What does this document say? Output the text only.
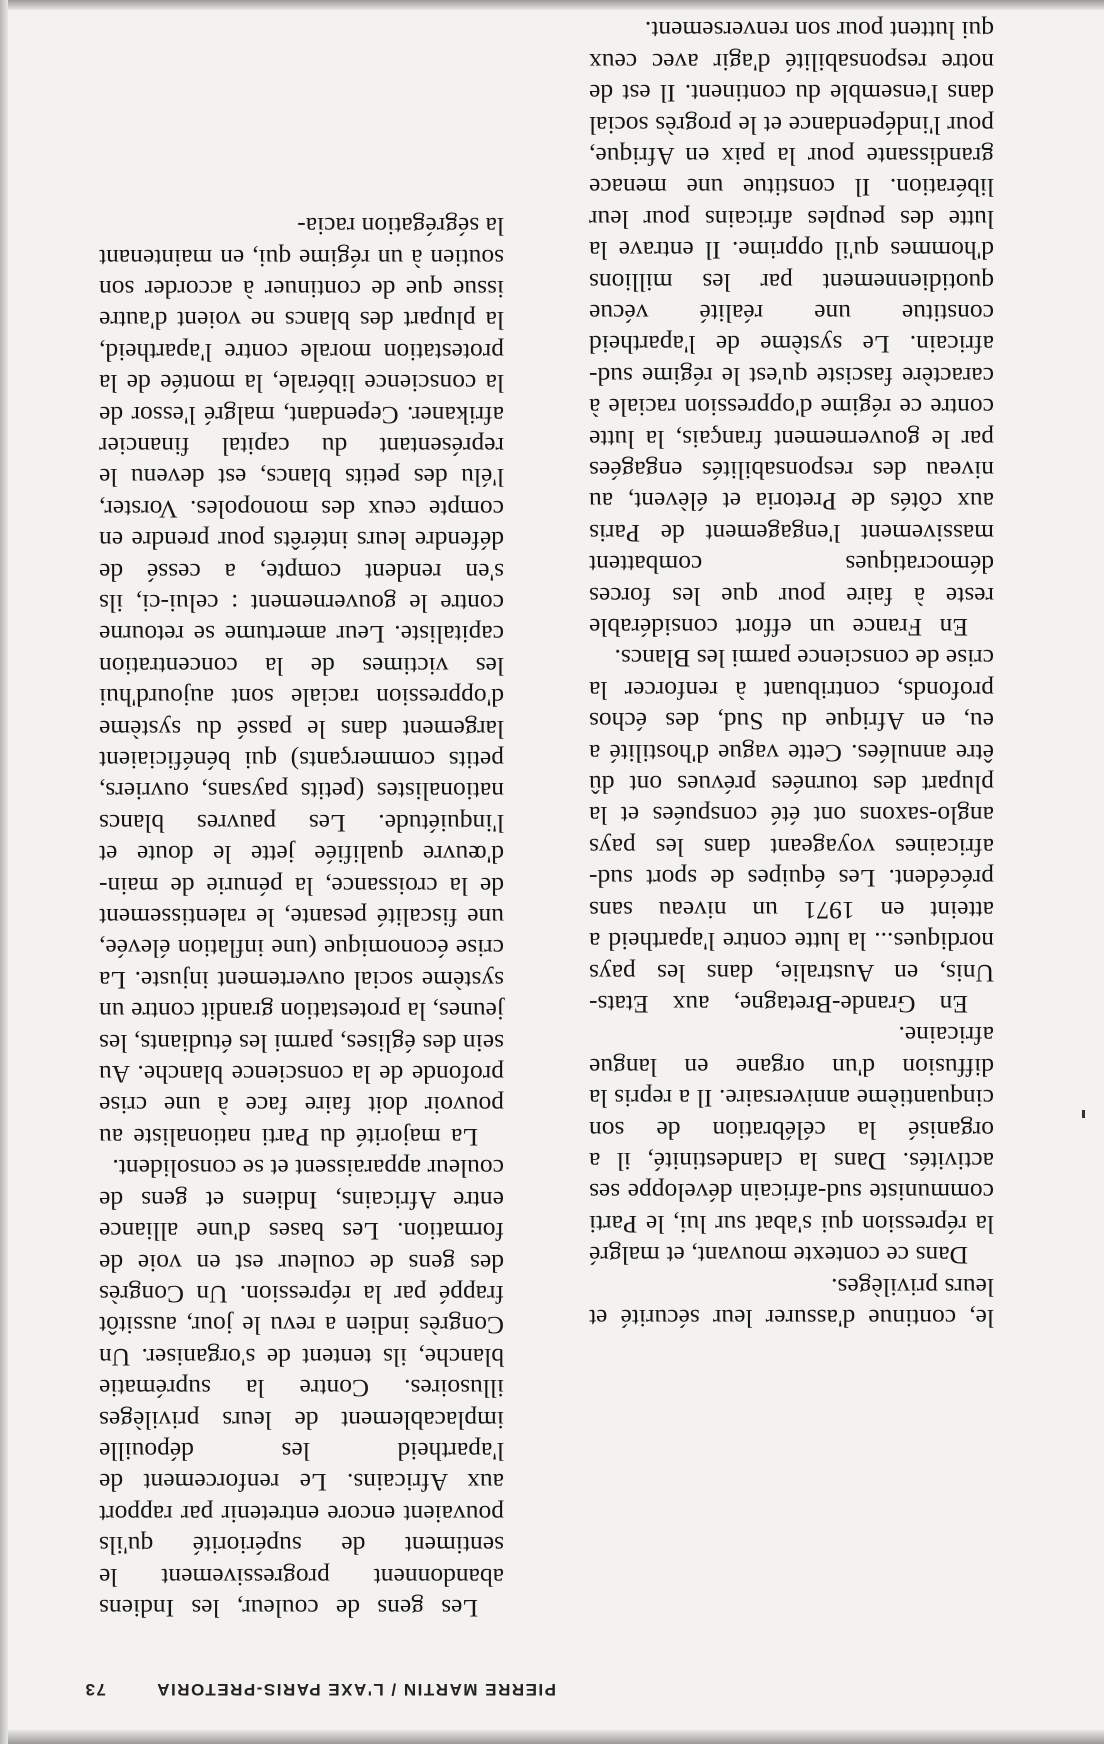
PIERRE MARTIN / L'AXE PARIS-PRETORIA
73

Les gens de couleur, les Indiens abandonnent progressivement le sentiment de supériorité qu'ils pouvaient encore entretenir par rapport aux Africains. Le renforcement de l'apartheid les dépouille implacablement de leurs privilèges illusoires. Contre la suprématie blanche, ils tentent de s'organiser. Un Congrès indien a revu le jour, aussitôt frappé par la répression. Un Congrès des gens de couleur est en voie de formation. Les bases d'une alliance entre Africains, Indiens et gens de couleur apparaissent et se consolident.

La majorité du Parti nationaliste au pouvoir doit faire face à une crise profonde de la conscience blanche. Au sein des églises, parmi les étudiants, les jeunes, la protestation grandit contre un système social ouvertement injuste. La crise économique (une inflation élevée, une fiscalité pesante, le ralentissement de la croissance, la pénurie de main-d'œuvre qualifiée jette le doute et l'inquiétude. Les pauvres blancs nationalistes (petits paysans, ouvriers, petits commerçants) qui bénéficiaient largement dans le passé du système d'oppression raciale sont aujourd'hui les victimes de la concentration capitaliste. Leur amertume se retourne contre le gouvernement : celui-ci, ils s'en rendent compte, a cessé de défendre leurs intérêts pour prendre en compte ceux des monopoles. Vorster, l'élu des petits blancs, est devenu le représentant du capital financier afrikaner. Cependant, malgré l'essor de la conscience libérale, la montée de la protestation morale contre l'apartheid, la plupart des blancs ne voient d'autre issue que de continuer à accorder son soutien à un régime qui, en maintenant la ségrégation racia-

le, continue d'assurer leur sécurité et leurs privilèges.

Dans ce contexte mouvant, et malgré la répression qui s'abat sur lui, le Parti communiste sud-africain développe ses activités. Dans la clandestinité, il a organisé la célébration de son cinquantième anniversaire. Il a repris la diffusion d'un organe en langue africaine.

En Grande-Bretagne, aux Etats-Unis, en Australie, dans les pays nordiques... la lutte contre l'apartheid a atteint en 1971 un niveau sans précédent. Les équipes de sport sud-africaines voyageant dans les pays anglo-saxons ont été conspuées et la plupart des tournées prévues ont dû être annulées. Cette vague d'hostilité a eu, en Afrique du Sud, des échos profonds, contribuant à renforcer la crise de conscience parmi les Blancs.

En France un effort considérable reste à faire pour que les forces démocratiques combattent massivement l'engagement de Paris aux côtés de Pretoria et élèvent, au niveau des responsabilités engagées par le gouvernement français, la lutte contre ce régime d'oppression raciale à caractère fasciste qu'est le régime sud-africain. Le système de l'apartheid constitue une réalité vécue quotidiennement par les millions d'hommes qu'il opprime. Il entrave la lutte des peuples africains pour leur libération. Il constitue une menace grandissante pour la paix en Afrique, pour l'indépendance et le progrès social dans l'ensemble du continent. Il est de notre responsabilité d'agir avec ceux qui luttent pour son renversement.
